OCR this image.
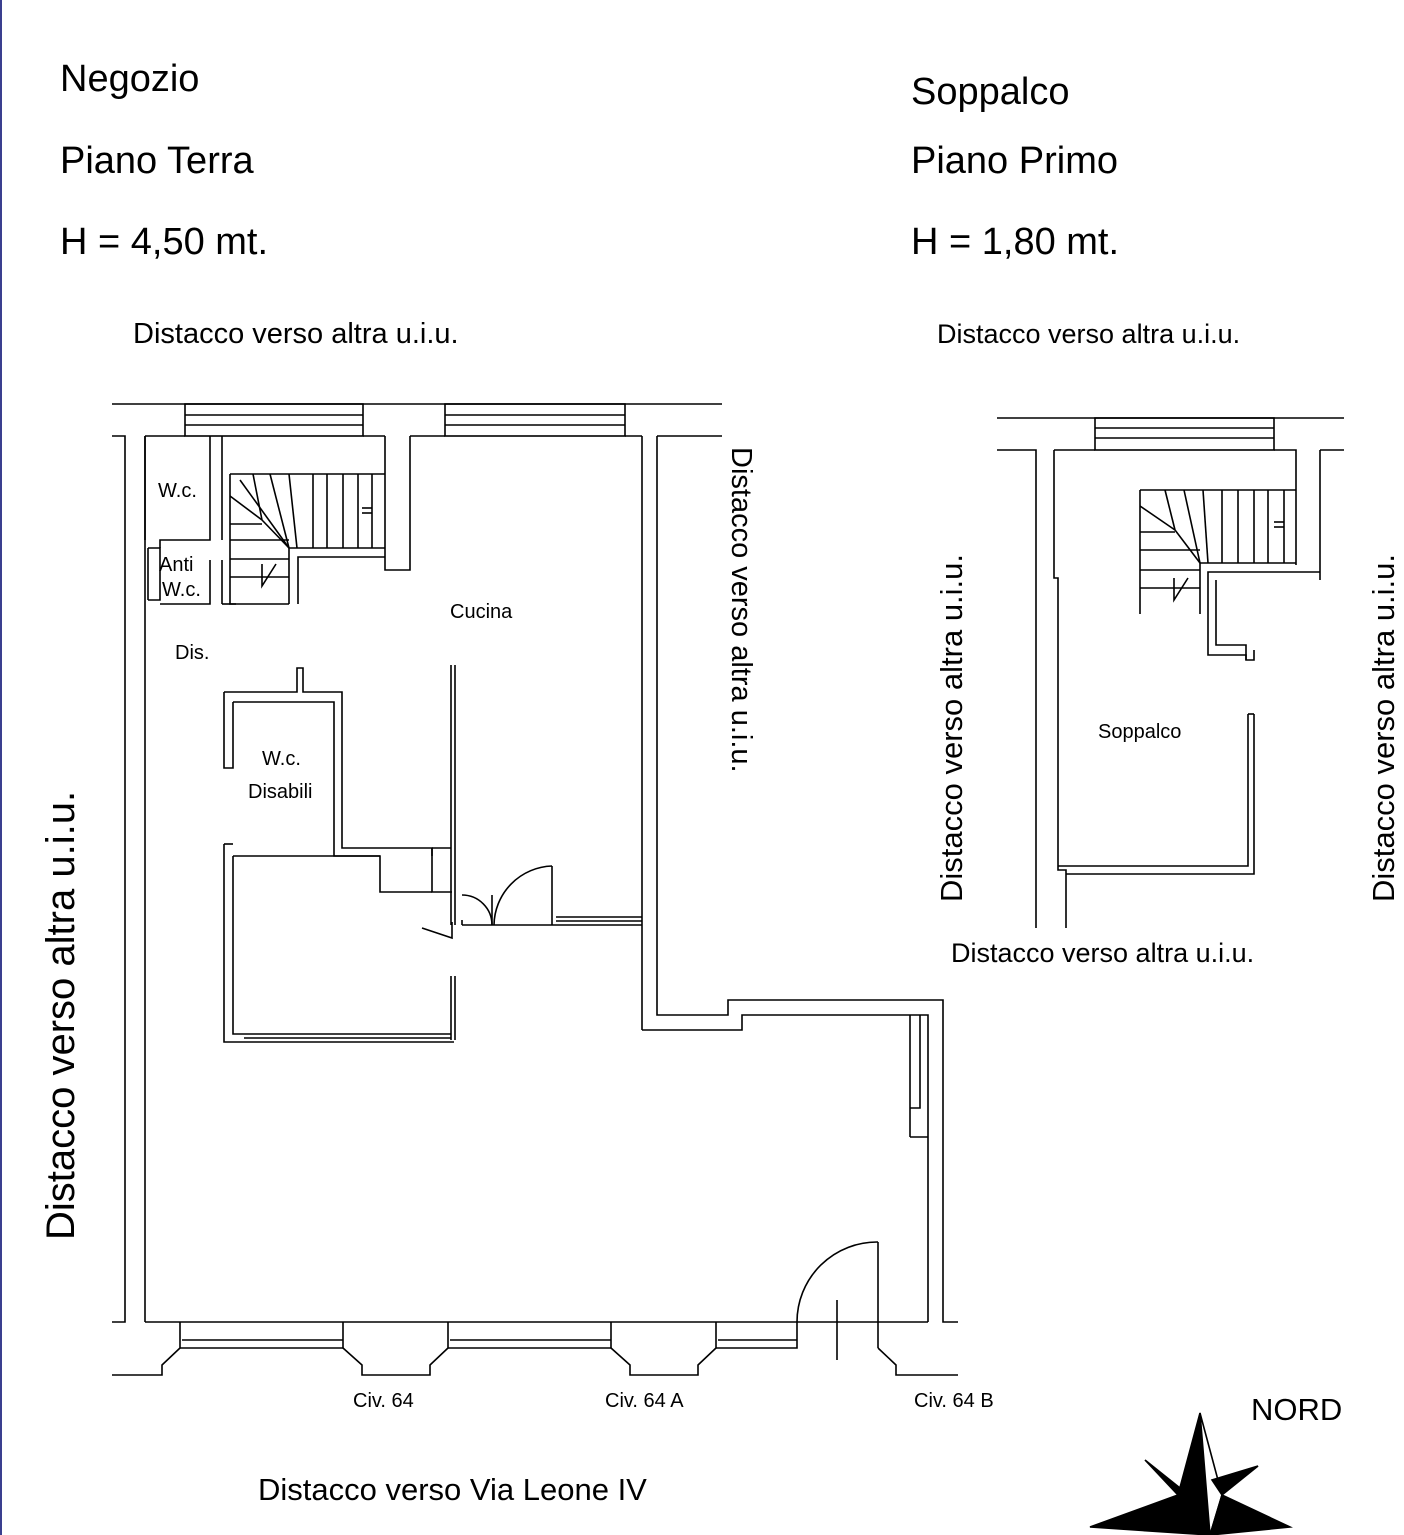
Negozio
Piano Terra
H = 4,50 mt.
Soppalco
Piano Primo
H = 1,80 mt.
Distacco verso altra u.i.u.
Distacco verso altra u.i.u.
Distacco verso altra u.i.u.
Distacco verso Via Leone IV
W.c.
Anti
W.c.
Dis.
Cucina
W.c.
Disabili
Civ. 64	Civ. 64 A	Civ. 64 B
Distacco verso altra u.i.u.
Distacco verso altra u.i.u.	Distacco verso altra u.i.u.
Distacco verso altra u.i.u.
Soppalco
NORD
